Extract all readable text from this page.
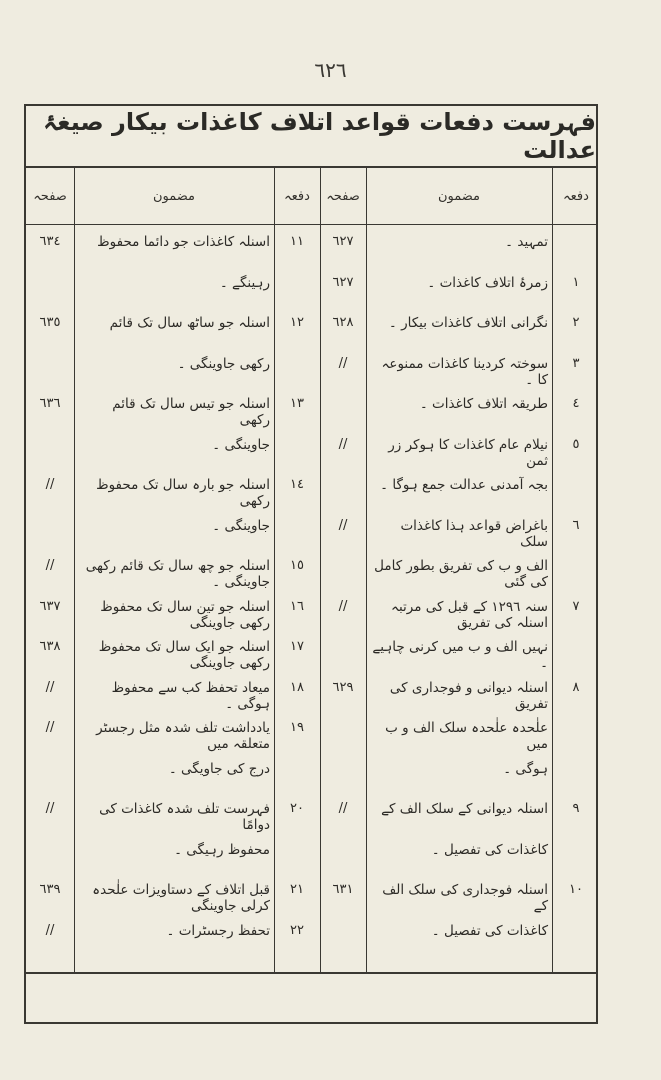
٦٢٦
فہرست دفعات قواعد اتلاف کاغذات بیکار صیغۂ عدالت
دفعہ
مضمون
صفحہ
دفعہ
مضمون
صفحہ
تمہید ۔
٦٢٧
١
زمرۂ اتلاف کاغذات ۔
٦٢٧
٢
نگرانی اتلاف کاغذات بیکار ۔
٦٢٨
٣
سوختہ کردینا کاغذات ممنوعہ کا ۔
//
٤
طریقہ اتلاف کاغذات ۔
٥
نیلام عام کاغذات کا ہوکر زر ثمن
//
بجہ آمدنی عدالت جمع ہوگا ۔
٦
باغراض قواعد ہذا کاغذات سلک
//
الف و ب کی تفریق بطور کامل کی گئی
٧
سنہ ١٢٩٦ کے قبل کی مرتبہ اسنلہ کی تفریق
//
نہیں الف و ب میں کرنی چاہیے ۔
٨
اسنلہ دیوانی و فوجداری کی تفریق
٦٢٩
علٰحدہ علٰحدہ سلک الف و ب میں
ہوگی ۔
٩
اسنلہ دیوانی کے سلک الف کے
//
کاغذات کی تفصیل ۔
١٠
اسنلہ فوجداری کی سلک الف کے
٦٣١
کاغذات کی تفصیل ۔
١١
اسنلہ کاغذات جو دائما محفوظ
٦٣٤
رہینگے ۔
١٢
اسنلہ جو ساٹھ سال تک قائم
٦٣٥
رکھی جاوینگی ۔
١٣
اسنلہ جو تیس سال تک قائم رکھی
٦٣٦
جاوینگی ۔
١٤
اسنلہ جو بارہ سال تک محفوظ رکھی
//
جاوینگی ۔
١٥
اسنلہ جو چھ سال تک قائم رکھی جاوینگی ۔
//
١٦
اسنلہ جو تین سال تک محفوظ رکھی جاوینگی
٦٣٧
١٧
اسنلہ جو ایک سال تک محفوظ رکھی جاوینگی
٦٣٨
١٨
میعاد تحفظ کب سے محفوظ ہوگی ۔
//
١٩
یادداشت تلف شدہ مثل رجسٹر متعلقہ میں
//
درج کی جاویگی ۔
٢٠
فہرست تلف شدہ کاغذات کی دوامًا
//
محفوظ رہیگی ۔
٢١
قبل اتلاف کے دستاویزات علٰحدہ کرلی جاوینگی
٦٣٩
٢٢
تحفظ رجسٹرات ۔
//
